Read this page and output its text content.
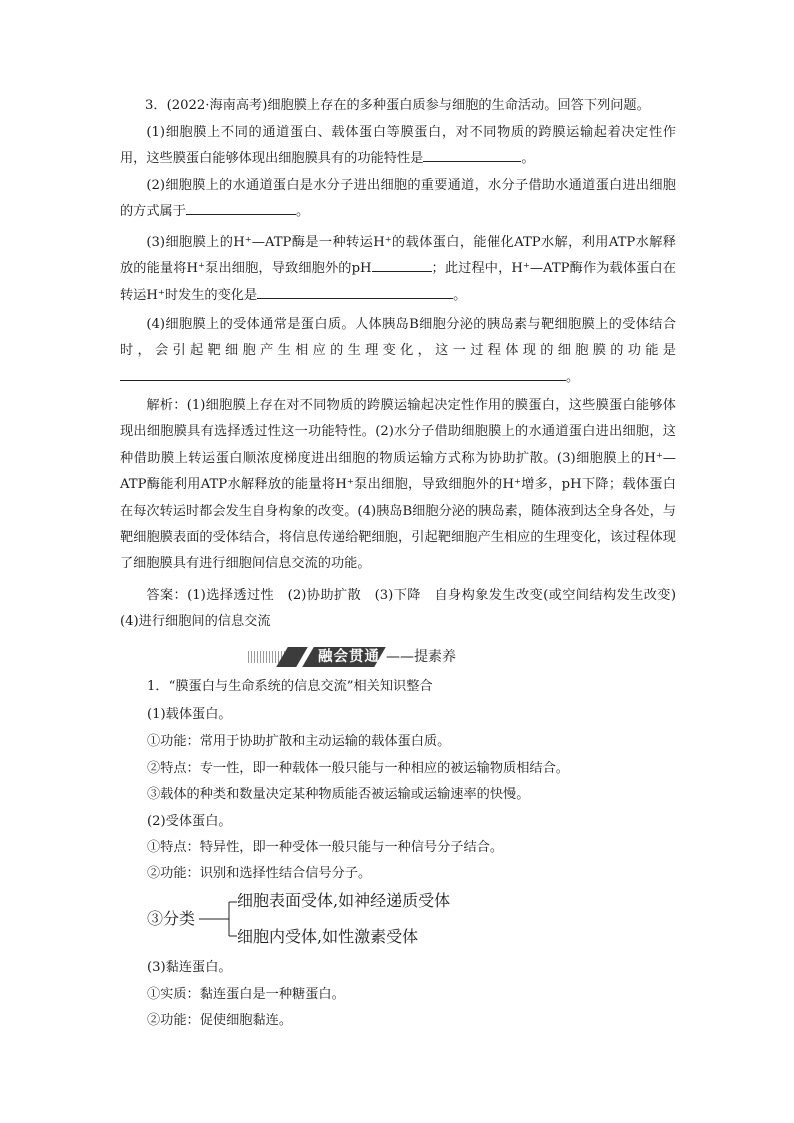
3．(2022·海南高考)细胞膜上存在的多种蛋白质参与细胞的生命活动。回答下列问题。
(1)细胞膜上不同的通道蛋白、载体蛋白等膜蛋白，对不同物质的跨膜运输起着决定性作用，这些膜蛋白能够体现出细胞膜具有的功能特性是	。
(2)细胞膜上的水通道蛋白是水分子进出细胞的重要通道，水分子借助水通道蛋白进出细胞的方式属于	。
(3)细胞膜上的H⁺—ATP酶是一种转运H⁺的载体蛋白，能催化ATP水解，利用ATP水解释放的能量将H⁺泵出细胞，导致细胞外的pH	；此过程中，H⁺—ATP酶作为载体蛋白在转运H⁺时发生的变化是	。
(4)细胞膜上的受体通常是蛋白质。人体胰岛B细胞分泌的胰岛素与靶细胞膜上的受体结合时，会引起靶细胞产生相应的生理变化，这一过程体现的细胞膜的功能是。
解析：(1)细胞膜上存在对不同物质的跨膜运输起决定性作用的膜蛋白，这些膜蛋白能够体现出细胞膜具有选择透过性这一功能特性。(2)水分子借助细胞膜上的水通道蛋白进出细胞，这种借助膜上转运蛋白顺浓度梯度进出细胞的物质运输方式称为协助扩散。(3)细胞膜上的H⁺—ATP酶能利用ATP水解释放的能量将H⁺泵出细胞，导致细胞外的H⁺增多，pH下降；载体蛋白在每次转运时都会发生自身构象的改变。(4)胰岛B细胞分泌的胰岛素，随体液到达全身各处，与靶细胞膜表面的受体结合，将信息传递给靶细胞，引起靶细胞产生相应的生理变化，该过程体现了细胞膜具有进行细胞间信息交流的功能。
答案：(1)选择透过性　(2)协助扩散　(3)下降　自身构象发生改变(或空间结构发生改变)　(4)进行细胞间的信息交流
融会贯通 ——提素养
1．“膜蛋白与生命系统的信息交流”相关知识整合
(1)载体蛋白。
①功能：常用于协助扩散和主动运输的载体蛋白质。
②特点：专一性，即一种载体一般只能与一种相应的被运输物质相结合。
③载体的种类和数量决定某种物质能否被运输或运输速率的快慢。
(2)受体蛋白。
①特点：特异性，即一种受体一般只能与一种信号分子结合。
②功能：识别和选择性结合信号分子。
③分类
细胞表面受体,如神经递质受体
细胞内受体,如性激素受体
(3)黏连蛋白。
①实质：黏连蛋白是一种糖蛋白。
②功能：促使细胞黏连。
